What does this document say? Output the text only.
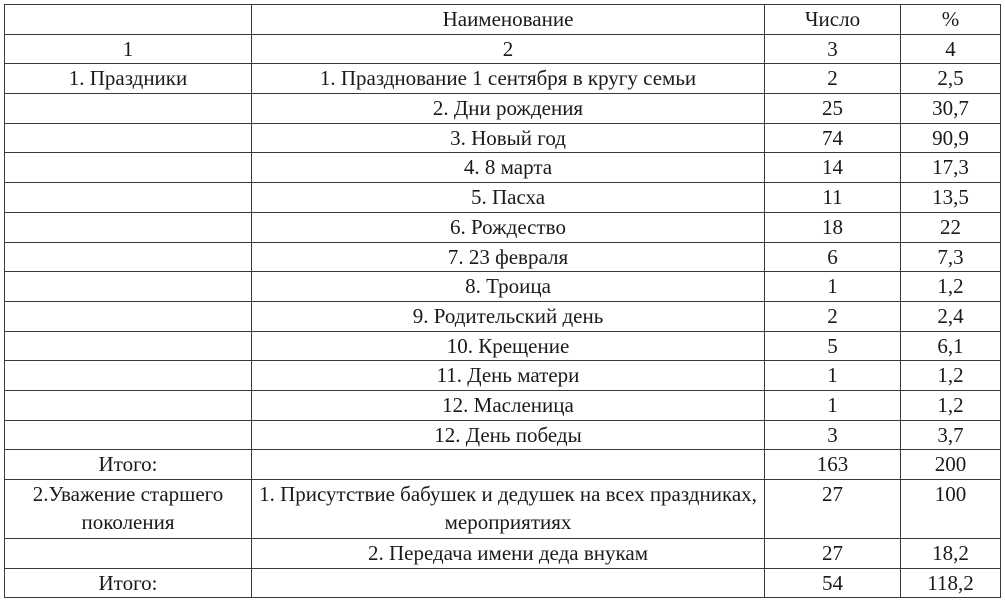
	Наименование	Число	%
1	2	3	4
1. Праздники	1. Празднование 1 сентября в кругу семьи	2	2,5
	2. Дни рождения	25	30,7
	3. Новый год	74	90,9
	4. 8 марта	14	17,3
	5. Пасха	11	13,5
	6. Рождество	18	22
	7. 23 февраля	6	7,3
	8. Троица	1	1,2
	9. Родительский день	2	2,4
	10. Крещение	5	6,1
	11. День матери	1	1,2
	12. Масленица	1	1,2
	12. День победы	3	3,7
Итого:		163	200
2.Уважение старшего поколения	1. Присутствие бабушек и дедушек на всех праздниках, мероприятиях	27	100
	2. Передача имени деда внукам	27	18,2
Итого:		54	118,2
